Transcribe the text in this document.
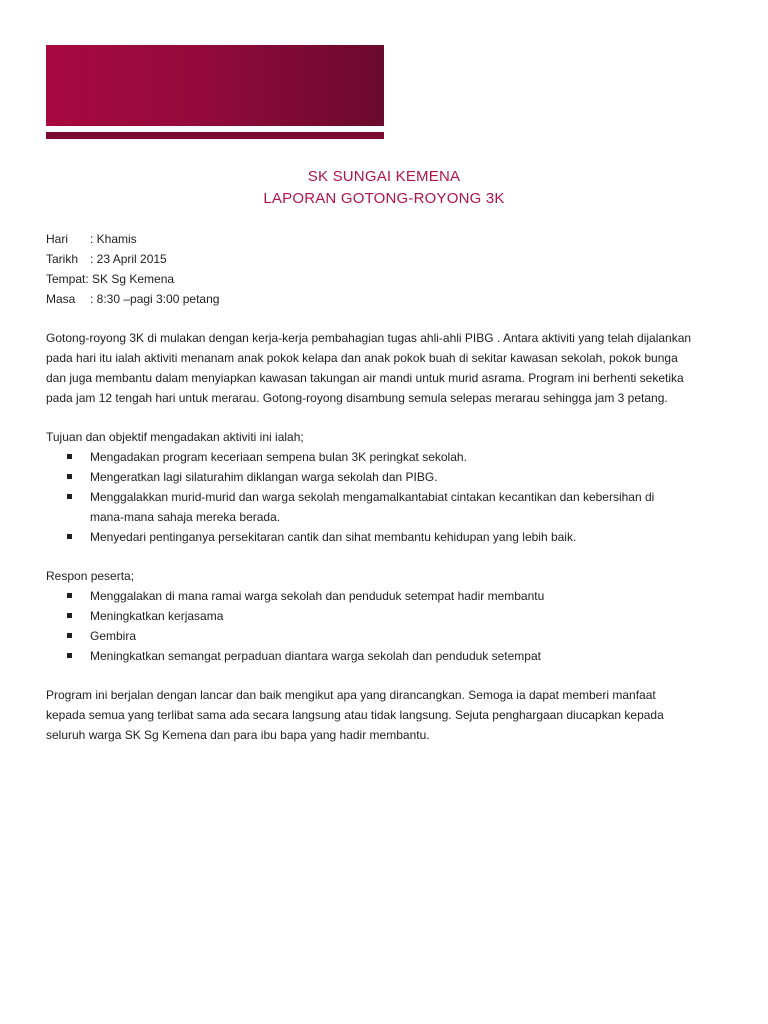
SK SUNGAI KEMENA
LAPORAN GOTONG-ROYONG 3K
Hari	: Khamis
Tarikh : 23 April 2015
Tempat : SK Sg Kemena
Masa	: 8:30 –pagi 3:00 petang
Gotong-royong 3K di mulakan dengan kerja-kerja pembahagian tugas ahli-ahli PIBG . Antara aktiviti yang telah dijalankan
pada hari itu ialah aktiviti menanam anak pokok kelapa dan anak pokok buah di sekitar kawasan sekolah, pokok bunga
dan juga membantu dalam menyiapkan kawasan takungan air mandi untuk murid asrama. Program ini berhenti seketika
pada jam 12 tengah hari untuk merarau. Gotong-royong disambung semula selepas merarau sehingga jam 3 petang.
Tujuan dan objektif mengadakan aktiviti ini ialah;
Mengadakan program keceriaan sempena bulan 3K peringkat sekolah.
Mengeratkan lagi silaturahim diklangan warga sekolah dan PIBG.
Menggalakkan murid-murid dan warga sekolah mengamalkantabiat cintakan kecantikan dan kebersihan di
mana-mana sahaja mereka berada.
Menyedari pentinganya persekitaran cantik dan sihat membantu kehidupan yang lebih baik.
Respon peserta;
Menggalakan di mana ramai warga sekolah dan penduduk setempat hadir membantu
Meningkatkan kerjasama
Gembira
Meningkatkan semangat perpaduan diantara warga sekolah dan penduduk setempat
Program ini berjalan dengan lancar dan baik mengikut apa yang dirancangkan. Semoga ia dapat memberi manfaat
kepada semua yang terlibat sama ada secara langsung atau tidak langsung. Sejuta penghargaan diucapkan kepada
seluruh warga SK Sg Kemena dan para ibu bapa yang hadir membantu.
